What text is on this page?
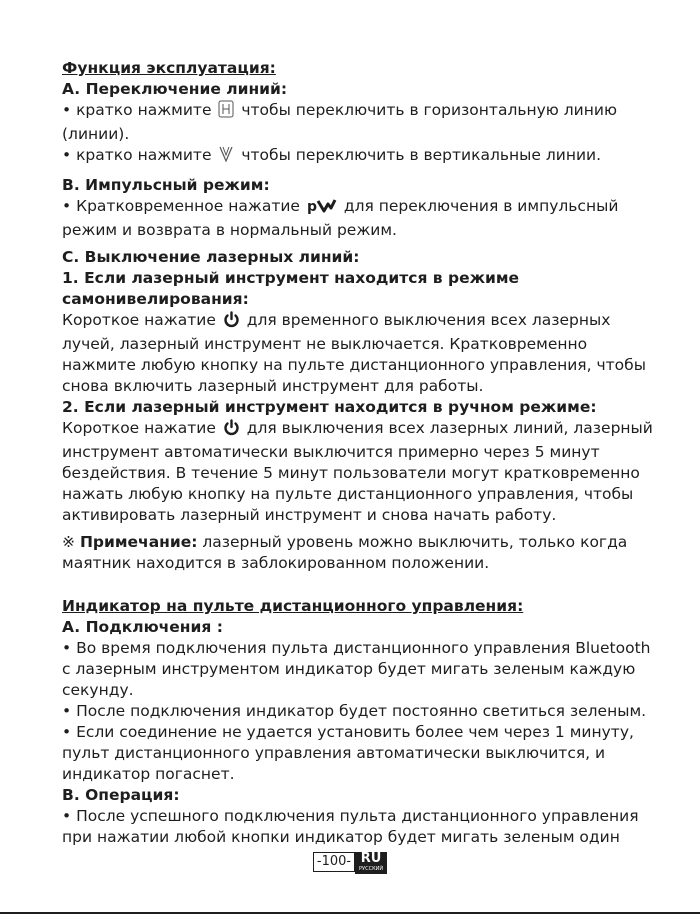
Функция эксплуатация:

A. Переключение линий:

• кратко нажмите чтобы переключить в горизонтальную линию (линии).

• кратко нажмите чтобы переключить в вертикальные линии.

B. Импульсный режим:

• Кратковременное нажатие p для переключения в импульсный режим и возврата в нормальный режим.

C. Выключение лазерных линий:

1. Если лазерный инструмент находится в режиме самонивелирования:

Короткое нажатие для временного выключения всех лазерных лучей, лазерный инструмент не выключается. Кратковременно нажмите любую кнопку на пульте дистанционного управления, чтобы снова включить лазерный инструмент для работы.

2. Если лазерный инструмент находится в ручном режиме:

Короткое нажатие для выключения всех лазерных линий, лазерный инструмент автоматически выключится примерно через 5 минут бездействия. В течение 5 минут пользователи могут кратковременно нажать любую кнопку на пульте дистанционного управления, чтобы активировать лазерный инструмент и снова начать работу.

※ Примечание: лазерный уровень можно выключить, только когда маятник находится в заблокированном положении.

Индикатор на пульте дистанционного управления:

A. Подключения :

• Во время подключения пульта дистанционного управления Bluetooth с лазерным инструментом индикатор будет мигать зеленым каждую секунду.

• После подключения индикатор будет постоянно светиться зеленым.

• Если соединение не удается установить более чем через 1 минуту, пульт дистанционного управления автоматически выключится, и индикатор погаснет.

B. Операция:

• После успешного подключения пульта дистанционного управления при нажатии любой кнопки индикатор будет мигать зеленым один

-100- RU
РУССКИЙ
